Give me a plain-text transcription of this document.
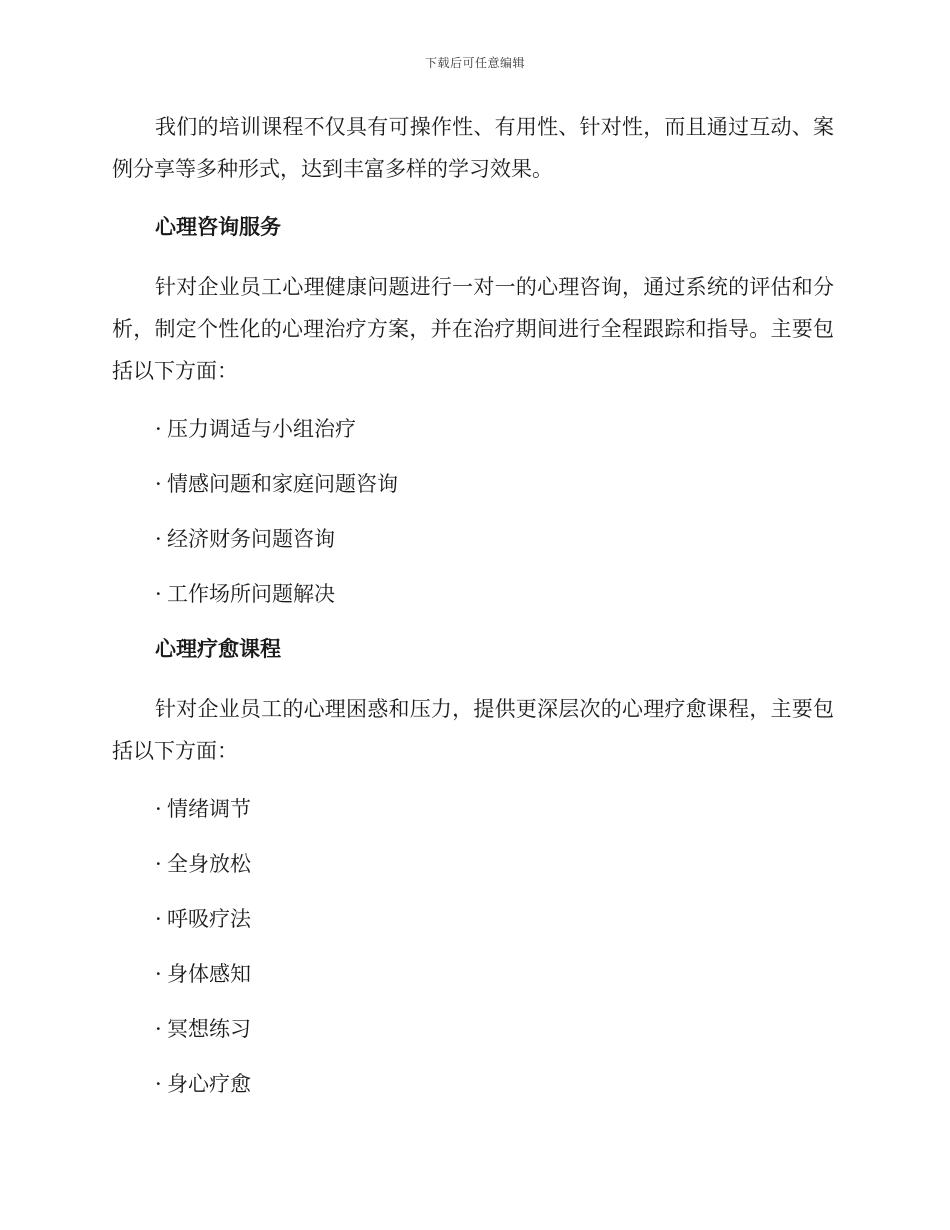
下载后可任意编辑

我们的培训课程不仅具有可操作性、有用性、针对性，而且通过互动、案例分享等多种形式，达到丰富多样的学习效果。

心理咨询服务

针对企业员工心理健康问题进行一对一的心理咨询，通过系统的评估和分析，制定个性化的心理治疗方案，并在治疗期间进行全程跟踪和指导。主要包括以下方面：

· 压力调适与小组治疗
· 情感问题和家庭问题咨询
· 经济财务问题咨询
· 工作场所问题解决
心理疗愈课程

针对企业员工的心理困惑和压力，提供更深层次的心理疗愈课程，主要包括以下方面：

· 情绪调节
· 全身放松
· 呼吸疗法
· 身体感知
· 冥想练习
· 身心疗愈
